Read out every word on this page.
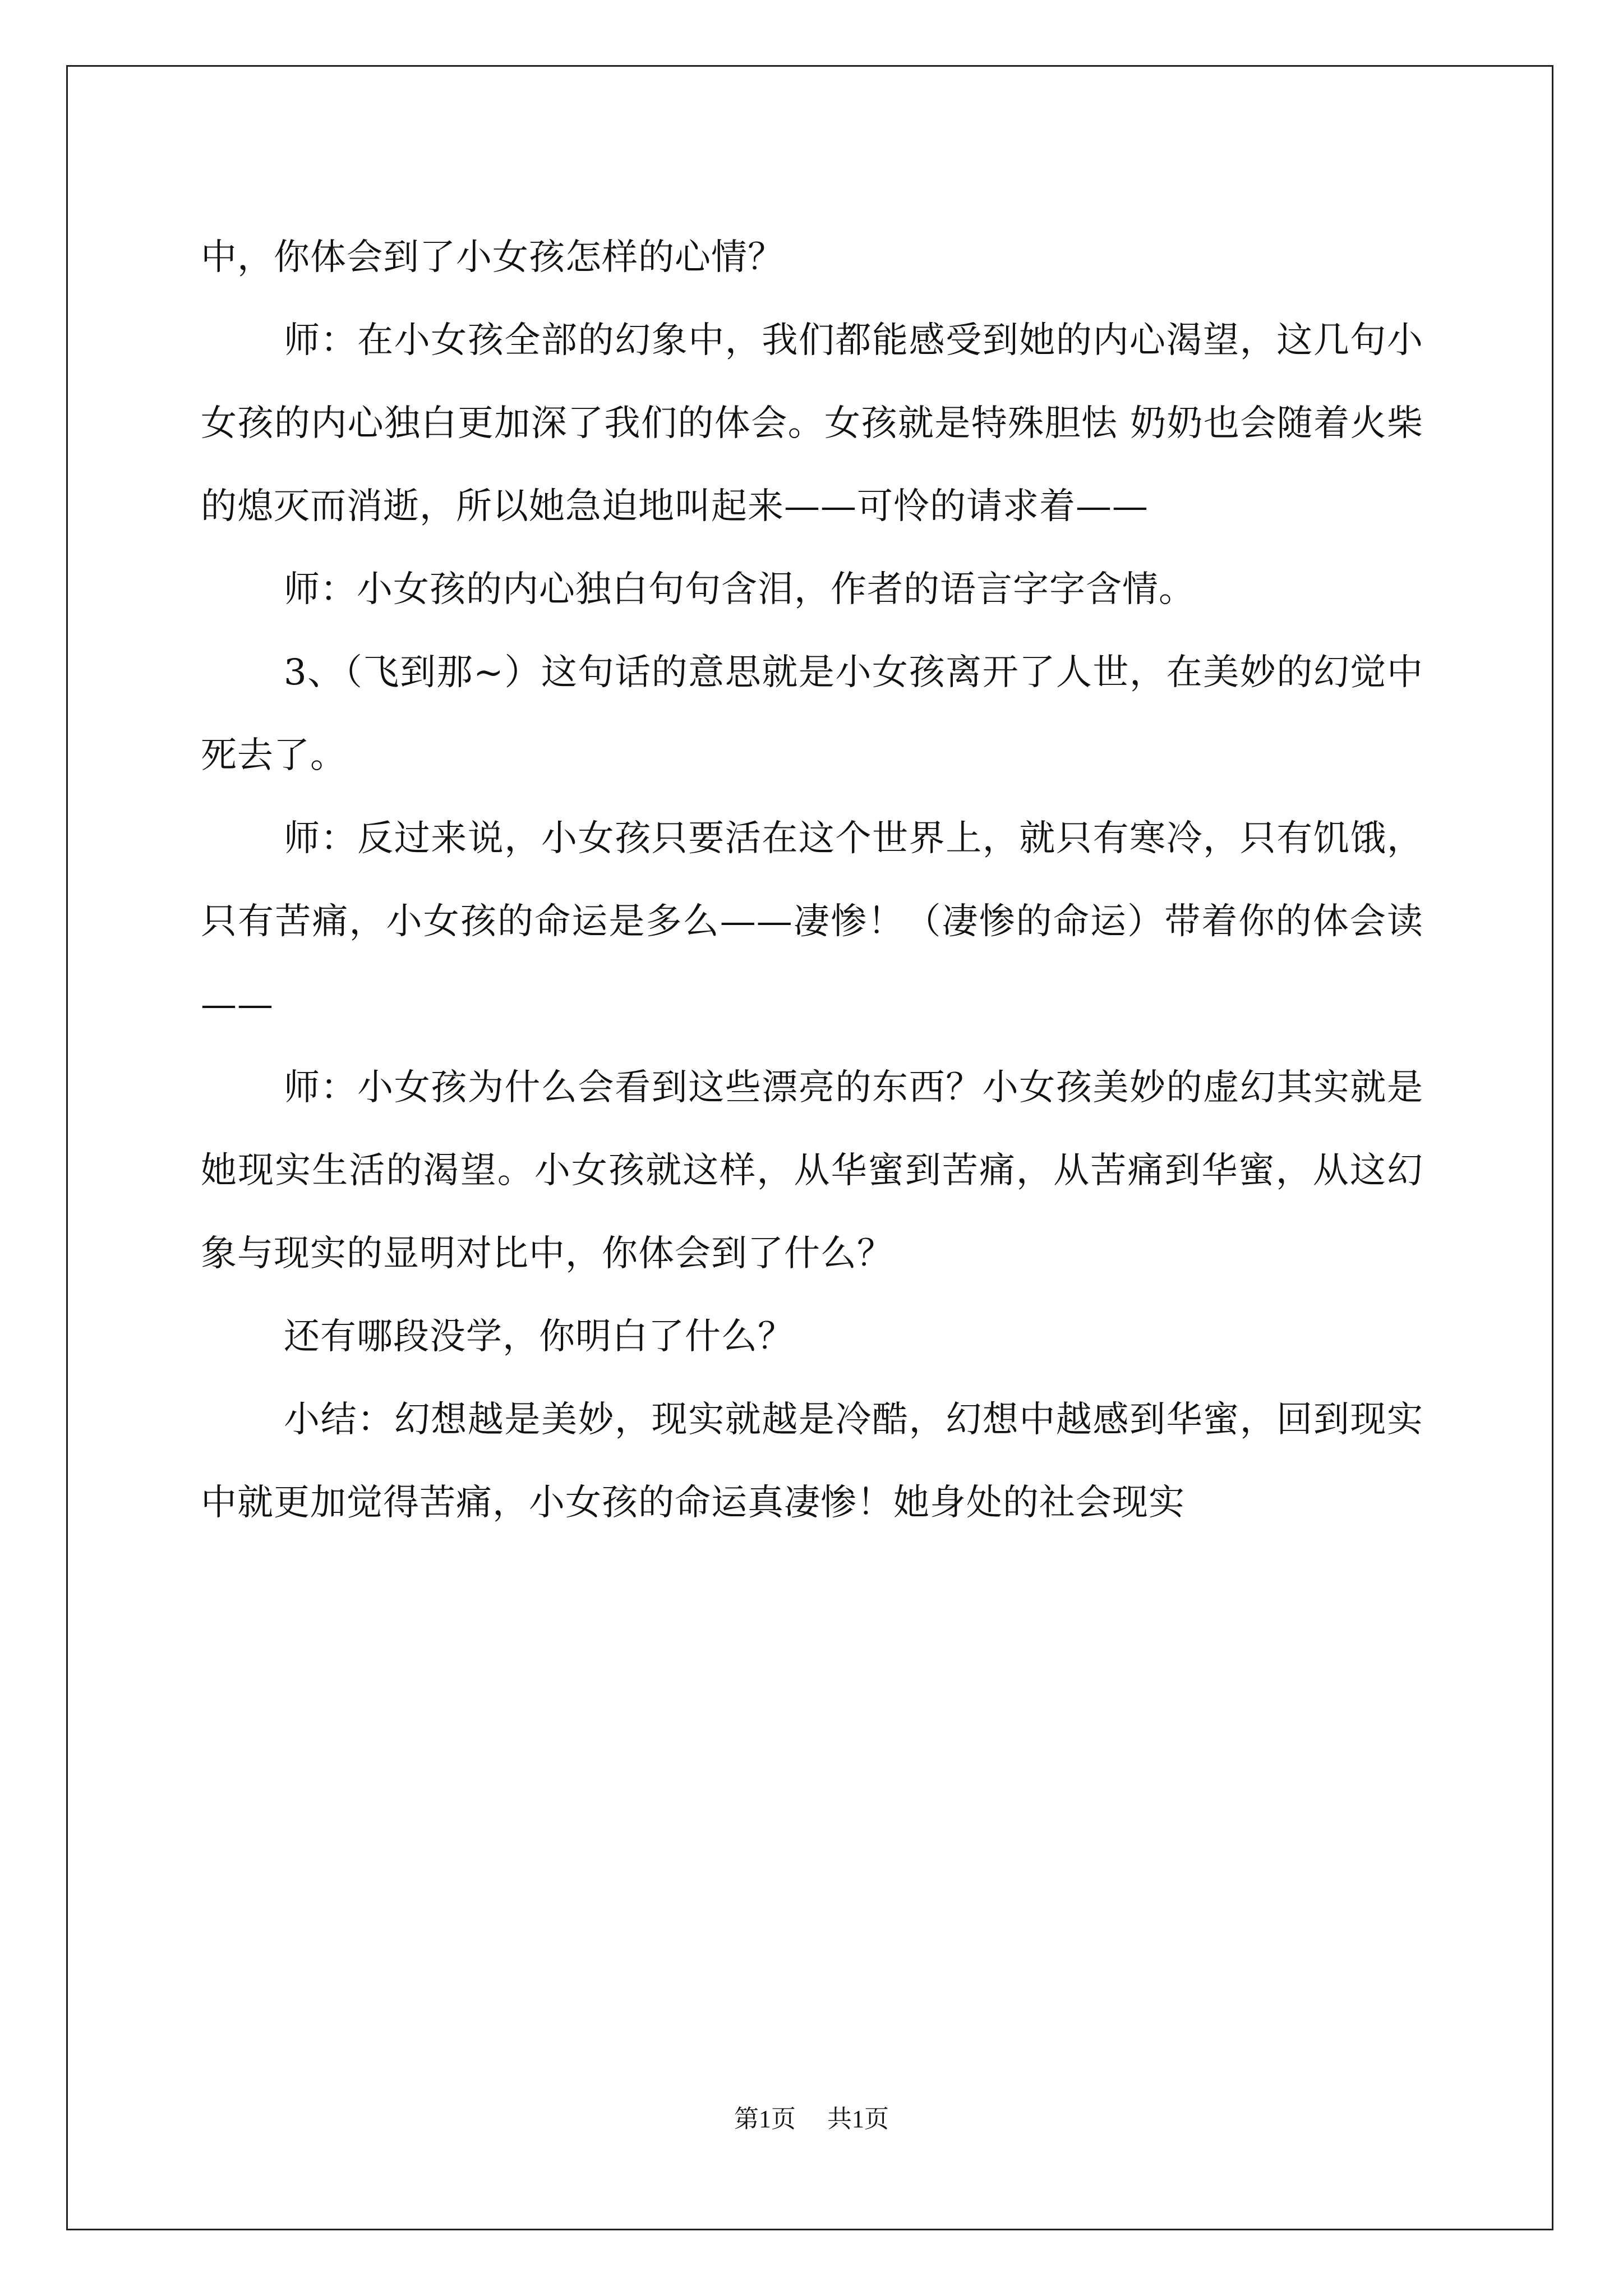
中，你体会到了小女孩怎样的心情？

师：在小女孩全部的幻象中，我们都能感受到她的内心渴望，这几句小女孩的内心独白更加深了我们的体会。女孩就是特殊胆怯 奶奶也会随着火柴的熄灭而消逝，所以她急迫地叫起来——可怜的请求着——

师：小女孩的内心独白句句含泪，作者的语言字字含情。

3、（飞到那~）这句话的意思就是小女孩离开了人世，在美妙的幻觉中死去了。

师：反过来说，小女孩只要活在这个世界上，就只有寒冷，只有饥饿，只有苦痛，小女孩的命运是多么——凄惨！（凄惨的命运）带着你的体会读——

师：小女孩为什么会看到这些漂亮的东西？小女孩美妙的虚幻其实就是她现实生活的渴望。小女孩就这样，从华蜜到苦痛，从苦痛到华蜜，从这幻象与现实的显明对比中，你体会到了什么？

还有哪段没学，你明白了什么？

小结：幻想越是美妙，现实就越是冷酷，幻想中越感到华蜜，回到现实中就更加觉得苦痛，小女孩的命运真凄惨！她身处的社会现实

第1页 共1页
